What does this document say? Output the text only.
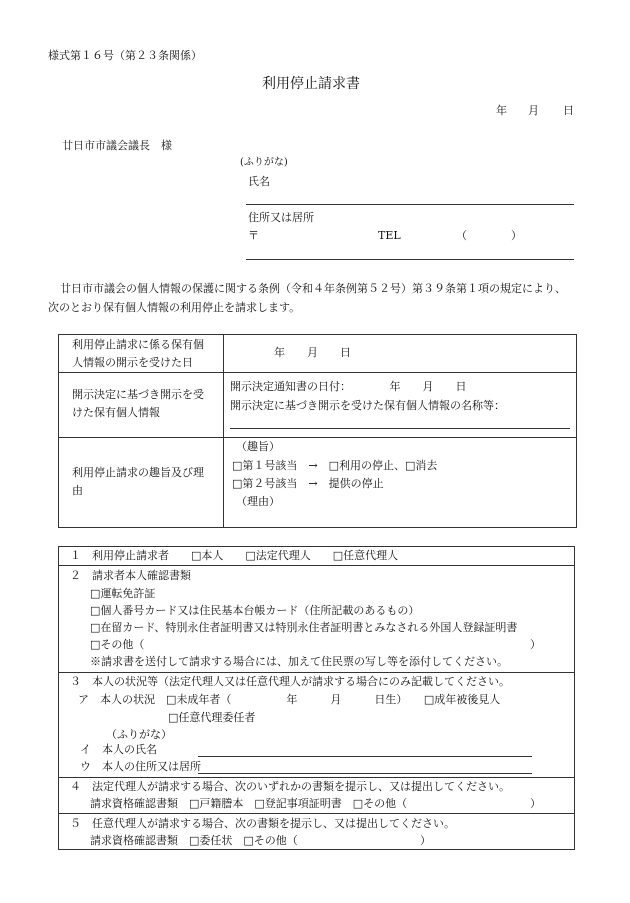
様式第１６号（第２３条関係）
利用停止請求書
年 月 日
廿日市市議会議長　様
(ふりがな)
氏名
住所又は居所
〒	TEL	（　　　　）
廿日市市議会の個人情報の保護に関する条例（令和４年条例第５２号）第３９条第１項の規定により、
次のとおり保有個人情報の利用停止を請求します。
利用停止請求に係る保有個人情報の開示を受けた日
年　　月　　日
開示決定に基づき開示を受けた保有個人情報
開示決定通知書の日付：　　　　年　　月　　日
開示決定に基づき開示を受けた保有個人情報の名称等：
利用停止請求の趣旨及び理由
（趣旨）
□第１号該当　→　□利用の停止、□消去
□第２号該当　→　提供の停止
（理由）
１　利用停止請求者　　□本人　　□法定代理人　　□任意代理人
２　請求者本人確認書類
□運転免許証
□個人番号カード又は住民基本台帳カード（住所記載のあるもの）
□在留カード、特別永住者証明書又は特別永住者証明書とみなされる外国人登録証明書
□その他（	）
※請求書を送付して請求する場合には、加えて住民票の写し等を添付してください。
３　本人の状況等（法定代理人又は任意代理人が請求する場合にのみ記載してください。
ア　本人の状況　□未成年者（　　　　　年　　　月　　　日生）　　□成年被後見人
□任意代理委任者
（ふりがな）
イ　本人の氏名
ウ　本人の住所又は居所
４　法定代理人が請求する場合、次のいずれかの書類を提示し、又は提出してください。
請求資格確認書類　□戸籍謄本　□登記事項証明書　□その他（	）
５　任意代理人が請求する場合、次の書類を提示し、又は提出してください。
請求資格確認書類　□委任状　□その他（	）
